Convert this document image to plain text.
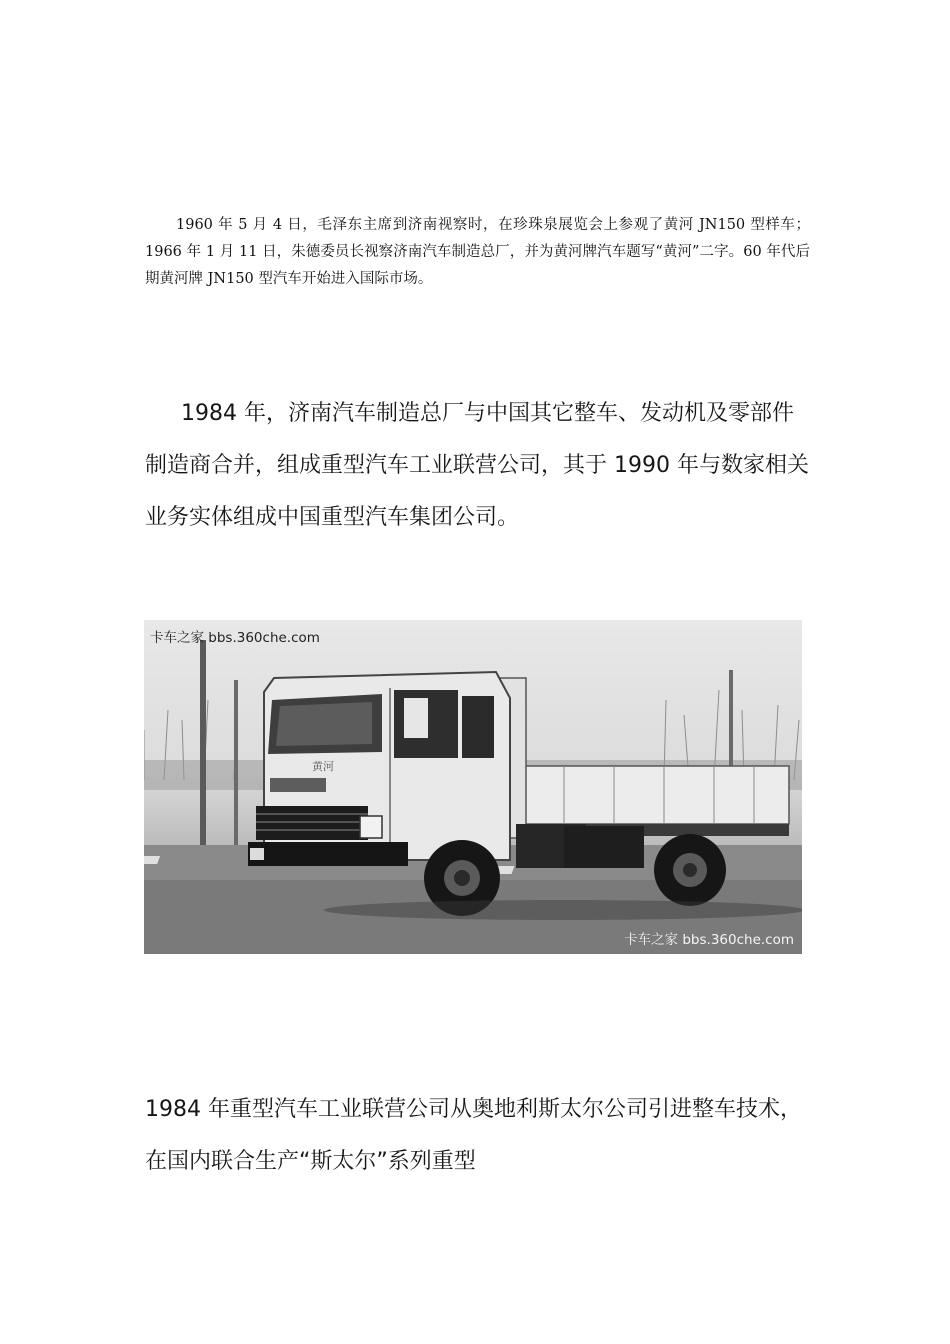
1960 年 5 月 4 日，毛泽东主席到济南视察时，在珍珠泉展览会上参观了黄河 JN150 型样车；1966 年 1 月 11 日，朱德委员长视察济南汽车制造总厂，并为黄河牌汽车题写“黄河”二字。60 年代后期黄河牌 JN150 型汽车开始进入国际市场。

1984 年，济南汽车制造总厂与中国其它整车、发动机及零部件制造商合并，组成重型汽车工业联营公司，其于 1990 年与数家相关业务实体组成中国重型汽车集团公司。

黄河
卡车之家 bbs.360che.com
卡车之家 bbs.360che.com

1984 年重型汽车工业联营公司从奥地利斯太尔公司引进整车技术，在国内联合生产“斯太尔”系列重型
